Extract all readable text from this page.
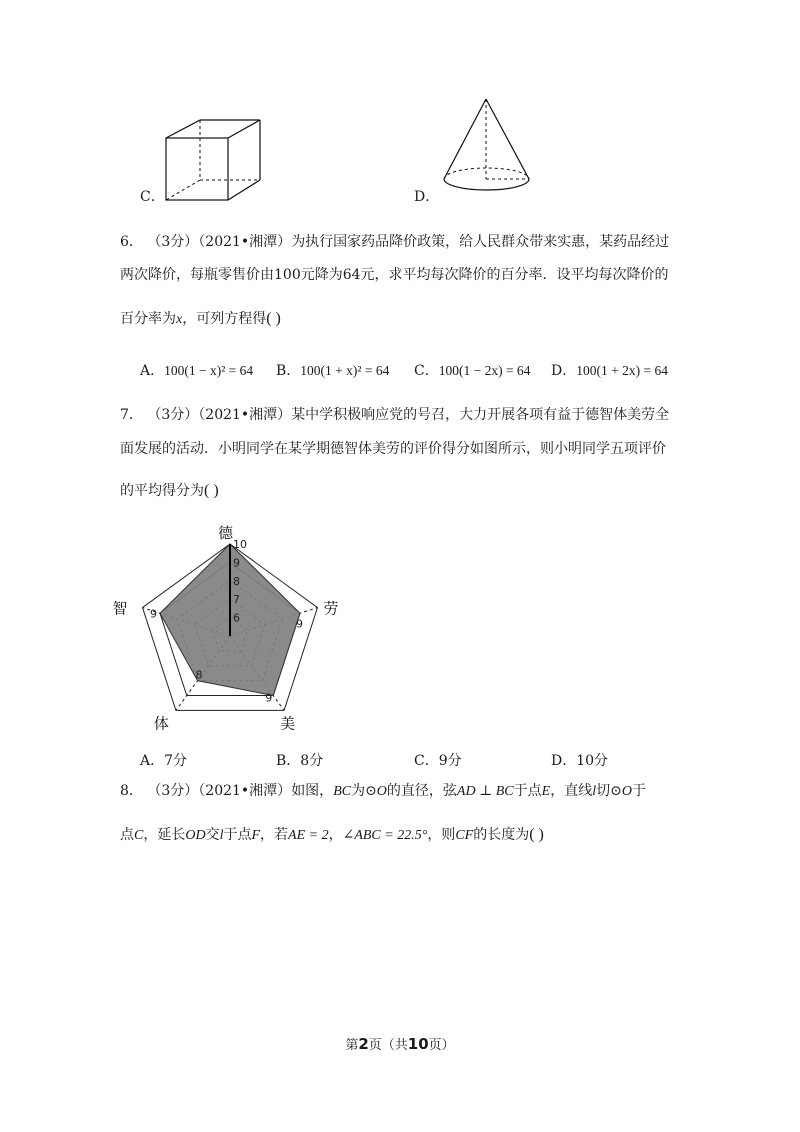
C．	D．
6． （3分）（2021•湘潭）为执行国家药品降价政策，给人民群众带来实惠，某药品经过
两次降价，每瓶零售价由100元降为64元，求平均每次降价的百分率．设平均每次降价的
百分率为x，可列方程得( )
A．100(1 − x)² = 64 B．100(1 + x)² = 64 C．100(1 − 2x) = 64 D．100(1 + 2x) = 64
7． （3分）（2021•湘潭）某中学积极响应党的号召，大力开展各项有益于德智体美劳全
面发展的活动．小明同学在某学期德智体美劳的评价得分如图所示，则小明同学五项评价
的平均得分为( )
6
7
8
9
10
9
9
8
9
德
劳
美
体
智
A．7分	B．8分	C．9分	D．10分
8． （3分）（2021•湘潭）如图，BC为⊙O的直径，弦AD ⊥ BC于点E，直线l切⊙O于
点C，延长OD交l于点F，若AE = 2，∠ABC = 22.5°，则CF的长度为( )
第2页（共10页）
